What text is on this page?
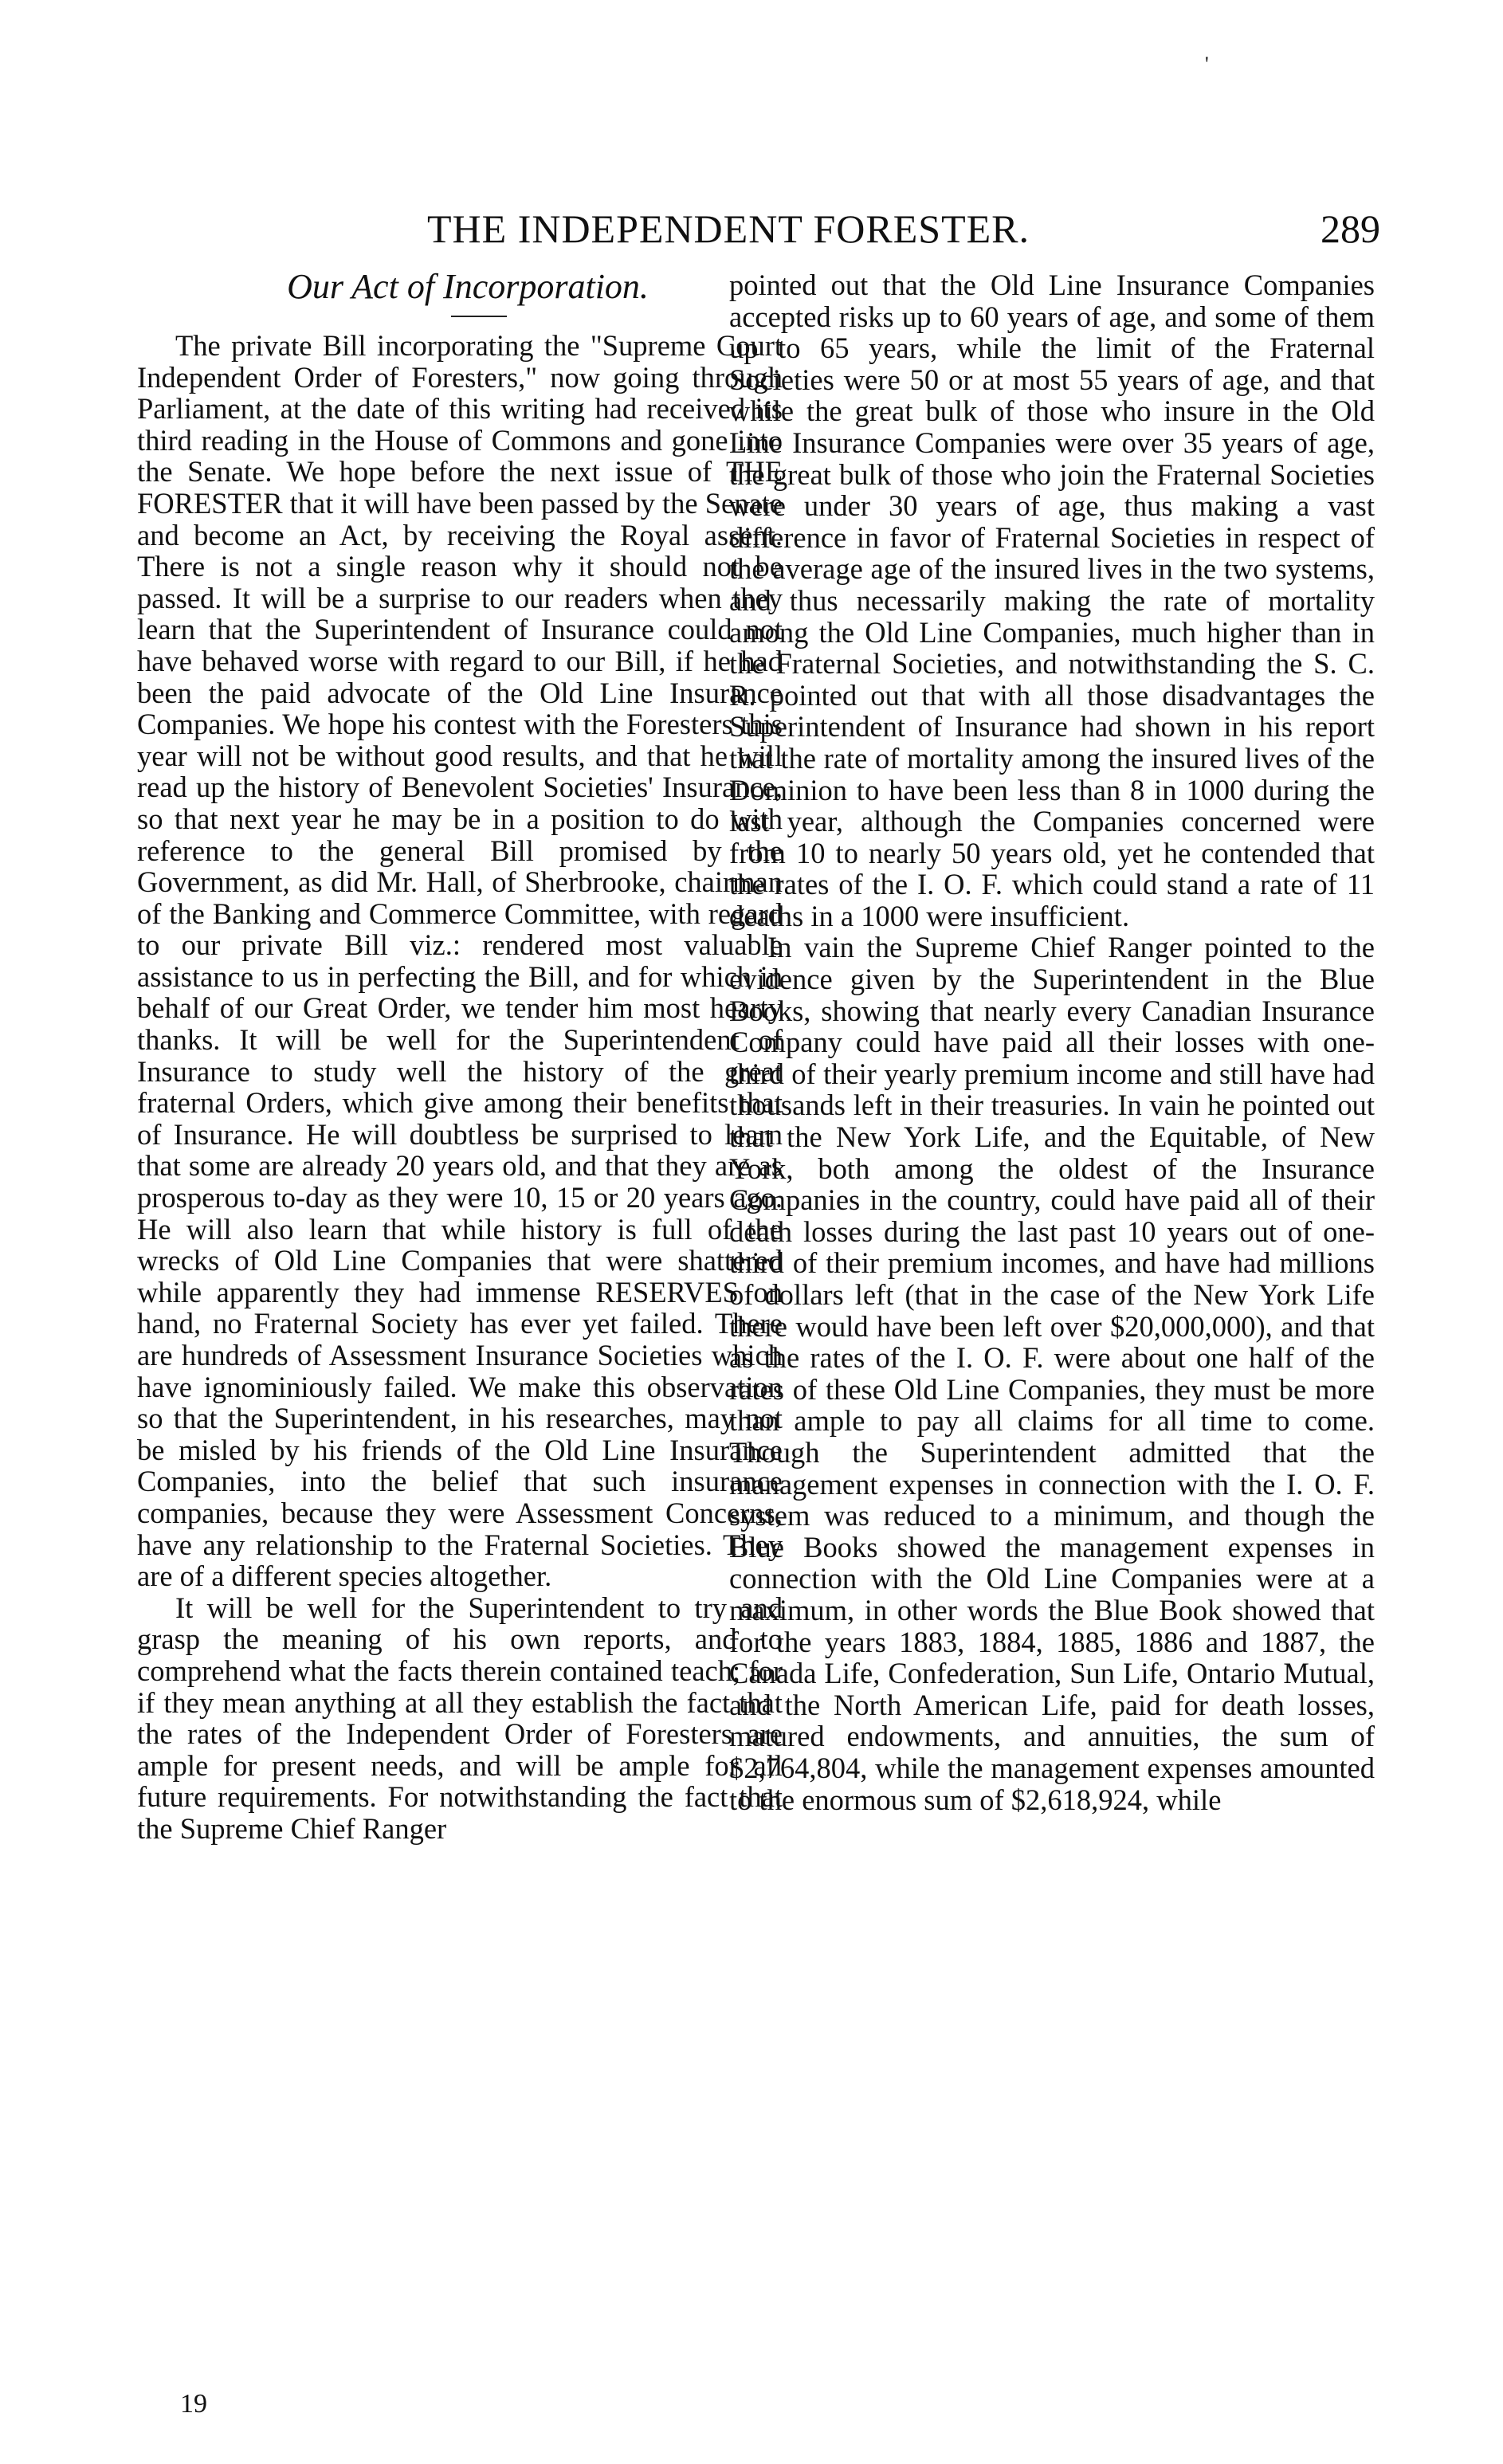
'
THE INDEPENDENT FORESTER.	289
Our Act of Incorporation.

The private Bill incorporating the "Supreme Court Independent Order of Foresters," now going through Parliament, at the date of this writing had received its third reading in the House of Commons and gone into the Senate. We hope before the next issue of THE FORESTER that it will have been passed by the Senate and become an Act, by receiving the Royal assent. There is not a single reason why it should not be passed. It will be a surprise to our readers when they learn that the Superintendent of Insurance could not have behaved worse with regard to our Bill, if he had been the paid advocate of the Old Line Insurance Companies. We hope his contest with the Foresters this year will not be without good results, and that he will read up the history of Benevolent Societies' Insurance, so that next year he may be in a position to do with reference to the general Bill promised by the Government, as did Mr. Hall, of Sherbrooke, chairman of the Banking and Commerce Committee, with regard to our private Bill viz.: rendered most valuable assistance to us in perfecting the Bill, and for which in behalf of our Great Order, we tender him most hearty thanks. It will be well for the Superintendent of Insurance to study well the history of the great fraternal Orders, which give among their benefits that of Insurance. He will doubtless be surprised to learn that some are already 20 years old, and that they are as prosperous to-day as they were 10, 15 or 20 years ago. He will also learn that while history is full of the wrecks of Old Line Companies that were shattered while apparently they had immense RESERVES on hand, no Fraternal Society has ever yet failed. There are hundreds of Assessment Insurance Societies which have ignominiously failed. We make this observation so that the Superintendent, in his researches, may not be misled by his friends of the Old Line Insurance Companies, into the belief that such insurance companies, because they were Assessment Concerns, have any relationship to the Fraternal Societies. They are of a different species altogether.

It will be well for the Superintendent to try and grasp the meaning of his own reports, and to comprehend what the facts therein contained teach; for if they mean anything at all they establish the fact that the rates of the Independent Order of Foresters are ample for present needs, and will be ample for all future requirements. For notwithstanding the fact that the Supreme Chief Ranger

pointed out that the Old Line Insurance Companies accepted risks up to 60 years of age, and some of them up to 65 years, while the limit of the Fraternal Societies were 50 or at most 55 years of age, and that while the great bulk of those who insure in the Old Line Insurance Companies were over 35 years of age, the great bulk of those who join the Fraternal Societies were under 30 years of age, thus making a vast difference in favor of Fraternal Societies in respect of the average age of the insured lives in the two systems, and thus necessarily making the rate of mortality among the Old Line Companies, much higher than in the Fraternal Societies, and notwithstanding the S. C. R. pointed out that with all those disadvantages the Superintendent of Insurance had shown in his report that the rate of mortality among the insured lives of the Dominion to have been less than 8 in 1000 during the last year, although the Companies concerned were from 10 to nearly 50 years old, yet he contended that the rates of the I. O. F. which could stand a rate of 11 deaths in a 1000 were insufficient.

In vain the Supreme Chief Ranger pointed to the evidence given by the Superintendent in the Blue Books, showing that nearly every Canadian Insurance Company could have paid all their losses with one-third of their yearly premium income and still have had thousands left in their treasuries. In vain he pointed out that the New York Life, and the Equitable, of New York, both among the oldest of the Insurance Companies in the country, could have paid all of their death losses during the last past 10 years out of one-third of their premium incomes, and have had millions of dollars left (that in the case of the New York Life there would have been left over $20,000,000), and that as the rates of the I. O. F. were about one half of the rates of these Old Line Companies, they must be more than ample to pay all claims for all time to come. Though the Superintendent admitted that the management expenses in connection with the I. O. F. system was reduced to a minimum, and though the Blue Books showed the management expenses in connection with the Old Line Companies were at a maximum, in other words the Blue Book showed that for the years 1883, 1884, 1885, 1886 and 1887, the Canada Life, Confederation, Sun Life, Ontario Mutual, and the North American Life, paid for death losses, matured endowments, and annuities, the sum of $2,764,804, while the management expenses amounted to the enormous sum of $2,618,924, while

19
